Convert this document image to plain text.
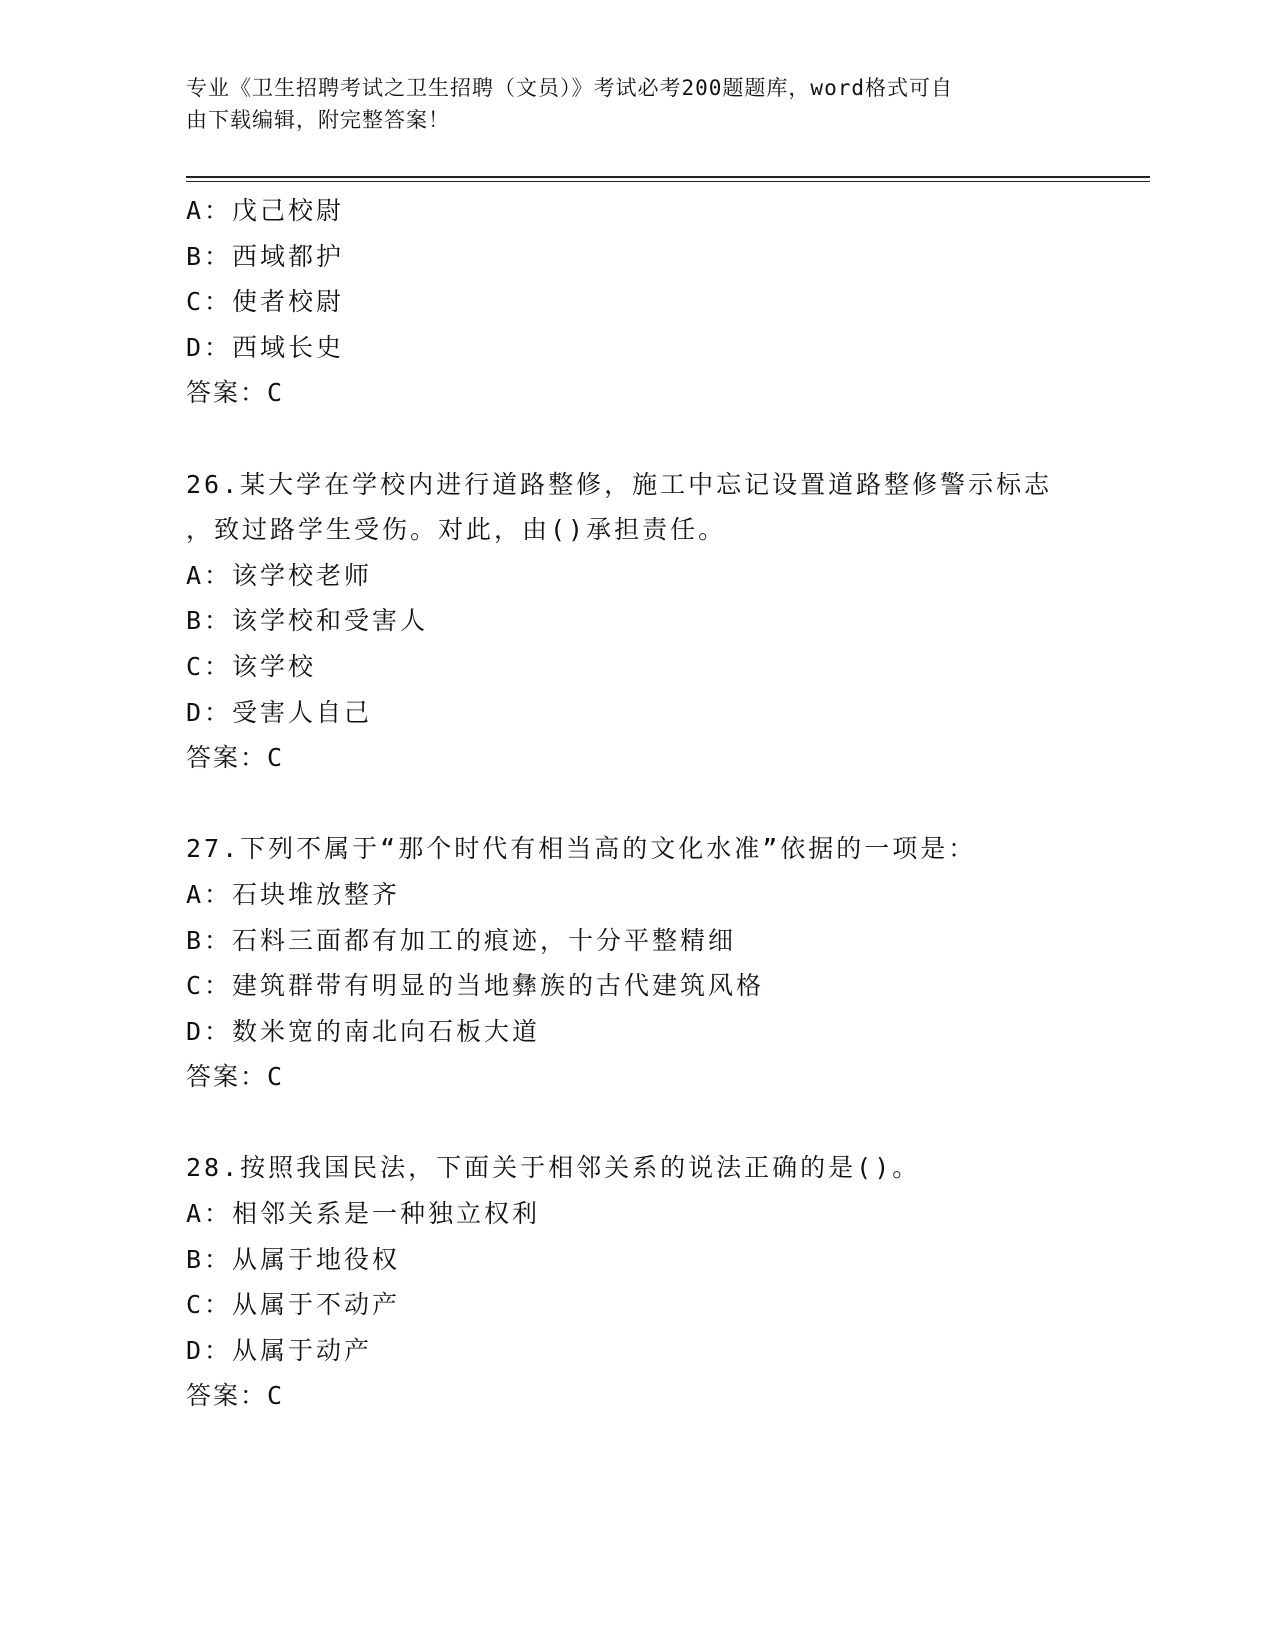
专业《卫生招聘考试之卫生招聘（文员）》考试必考200题题库，word格式可自
由下载编辑，附完整答案！
A：戊己校尉
B：西域都护
C：使者校尉
D：西域长史
答案：C
26.某大学在学校内进行道路整修，施工中忘记设置道路整修警示标志
，致过路学生受伤。对此，由()承担责任。
A：该学校老师
B：该学校和受害人
C：该学校
D：受害人自己
答案：C
27.下列不属于“那个时代有相当高的文化水准”依据的一项是：
A：石块堆放整齐
B：石料三面都有加工的痕迹，十分平整精细
C：建筑群带有明显的当地彝族的古代建筑风格
D：数米宽的南北向石板大道
答案：C
28.按照我国民法，下面关于相邻关系的说法正确的是()。
A：相邻关系是一种独立权利
B：从属于地役权
C：从属于不动产
D：从属于动产
答案：C
